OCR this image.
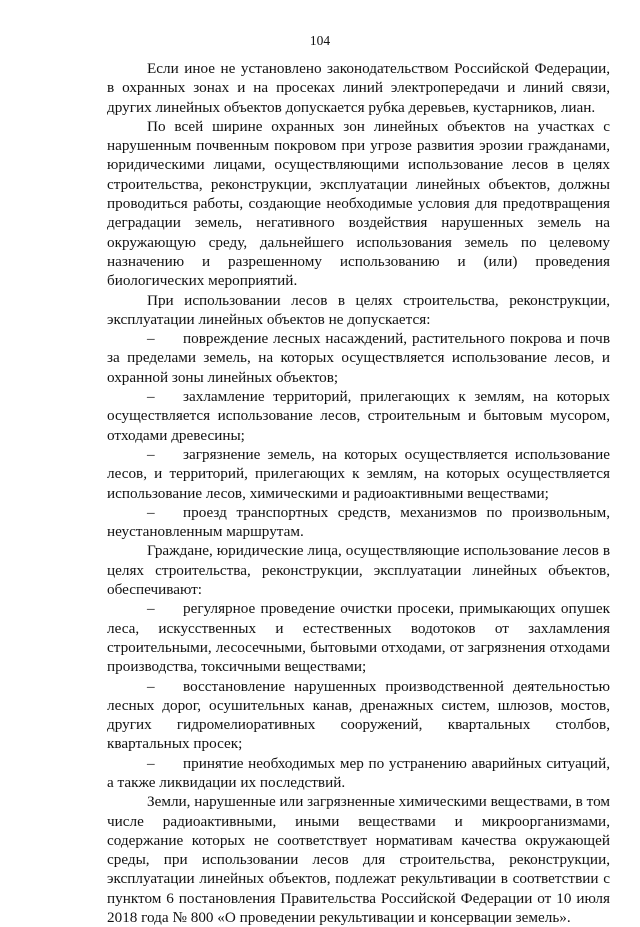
104

Если иное не установлено законодательством Российской Федерации, в охранных зонах и на просеках линий электропередачи и линий связи, других линейных объектов допускается рубка деревьев, кустарников, лиан.

По всей ширине охранных зон линейных объектов на участках с нарушенным почвенным покровом при угрозе развития эрозии гражданами, юридическими лицами, осуществляющими использование лесов в целях строительства, реконструкции, эксплуатации линейных объектов, должны проводиться работы, создающие необходимые условия для предотвращения деградации земель, негативного воздействия нарушенных земель на окружающую среду, дальнейшего использования земель по целевому назначению и разрешенному использованию и (или) проведения биологических мероприятий.

При использовании лесов в целях строительства, реконструкции, эксплуатации линейных объектов не допускается:

– повреждение лесных насаждений, растительного покрова и почв за пределами земель, на которых осуществляется использование лесов, и охранной зоны линейных объектов;

– захламление территорий, прилегающих к землям, на которых осуществляется использование лесов, строительным и бытовым мусором, отходами древесины;

– загрязнение земель, на которых осуществляется использование лесов, и территорий, прилегающих к землям, на которых осуществляется использование лесов, химическими и радиоактивными веществами;

– проезд транспортных средств, механизмов по произвольным, неустановленным маршрутам.

Граждане, юридические лица, осуществляющие использование лесов в целях строительства, реконструкции, эксплуатации линейных объектов, обеспечивают:

– регулярное проведение очистки просеки, примыкающих опушек леса, искусственных и естественных водотоков от захламления строительными, лесосечными, бытовыми отходами, от загрязнения отходами производства, токсичными веществами;

– восстановление нарушенных производственной деятельностью лесных дорог, осушительных канав, дренажных систем, шлюзов, мостов, других гидромелиоративных сооружений, квартальных столбов, квартальных просек;

– принятие необходимых мер по устранению аварийных ситуаций, а также ликвидации их последствий.

Земли, нарушенные или загрязненные химическими веществами, в том числе радиоактивными, иными веществами и микроорганизмами, содержание которых не соответствует нормативам качества окружающей среды, при использовании лесов для строительства, реконструкции, эксплуатации линейных объектов, подлежат рекультивации в соответствии с пунктом 6 постановления Правительства Российской Федерации от 10 июля 2018 года № 800 «О проведении рекультивации и консервации земель».
